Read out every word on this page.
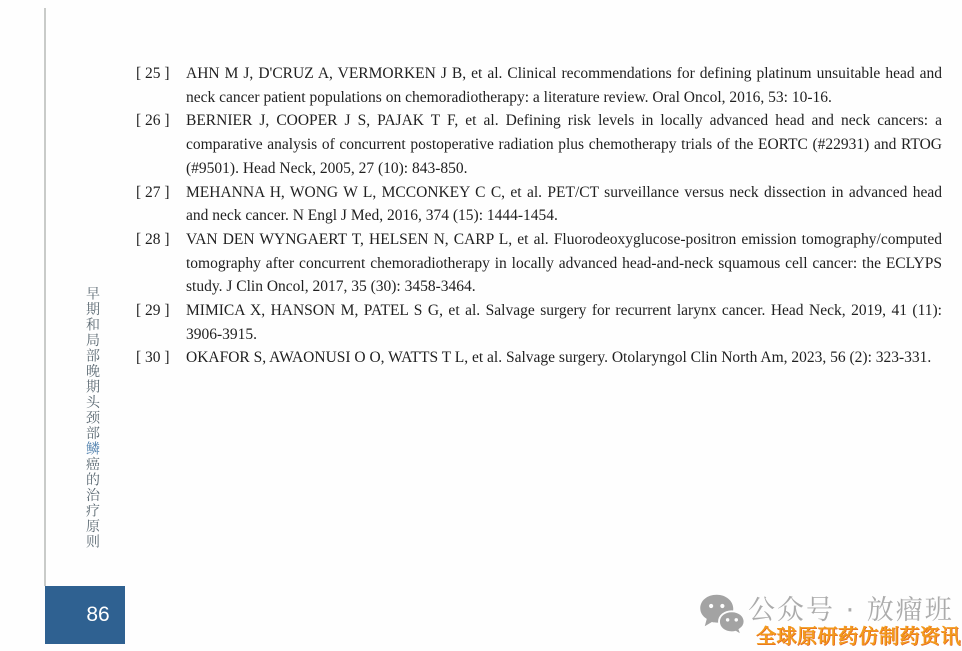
早期和局部晚期头颈部鳞癌的治疗原则
86
[ 25 ]	AHN M J, D'CRUZ A, VERMORKEN J B, et al. Clinical recommendations for defining platinum unsuitable head and neck cancer patient populations on chemoradiotherapy: a literature review. Oral Oncol, 2016, 53: 10-16.
[ 26 ]	BERNIER J, COOPER J S, PAJAK T F, et al. Defining risk levels in locally advanced head and neck cancers: a comparative analysis of concurrent postoperative radiation plus chemotherapy trials of the EORTC (#22931) and RTOG (#9501). Head Neck, 2005, 27 (10): 843-850.
[ 27 ]	MEHANNA H, WONG W L, MCCONKEY C C, et al. PET/CT surveillance versus neck dissection in advanced head and neck cancer. N Engl J Med, 2016, 374 (15): 1444-1454.
[ 28 ]	VAN DEN WYNGAERT T, HELSEN N, CARP L, et al. Fluorodeoxyglucose-positron emission tomography/computed tomography after concurrent chemoradiotherapy in locally advanced head-and-neck squamous cell cancer: the ECLYPS study. J Clin Oncol, 2017, 35 (30): 3458-3464.
[ 29 ]	MIMICA X, HANSON M, PATEL S G, et al. Salvage surgery for recurrent larynx cancer. Head Neck, 2019, 41 (11): 3906-3915.
[ 30 ]	OKAFOR S, AWAONUSI O O, WATTS T L, et al. Salvage surgery. Otolaryngol Clin North Am, 2023, 56 (2): 323-331.
公众号 · 放瘤班
全球原研药仿制药资讯
